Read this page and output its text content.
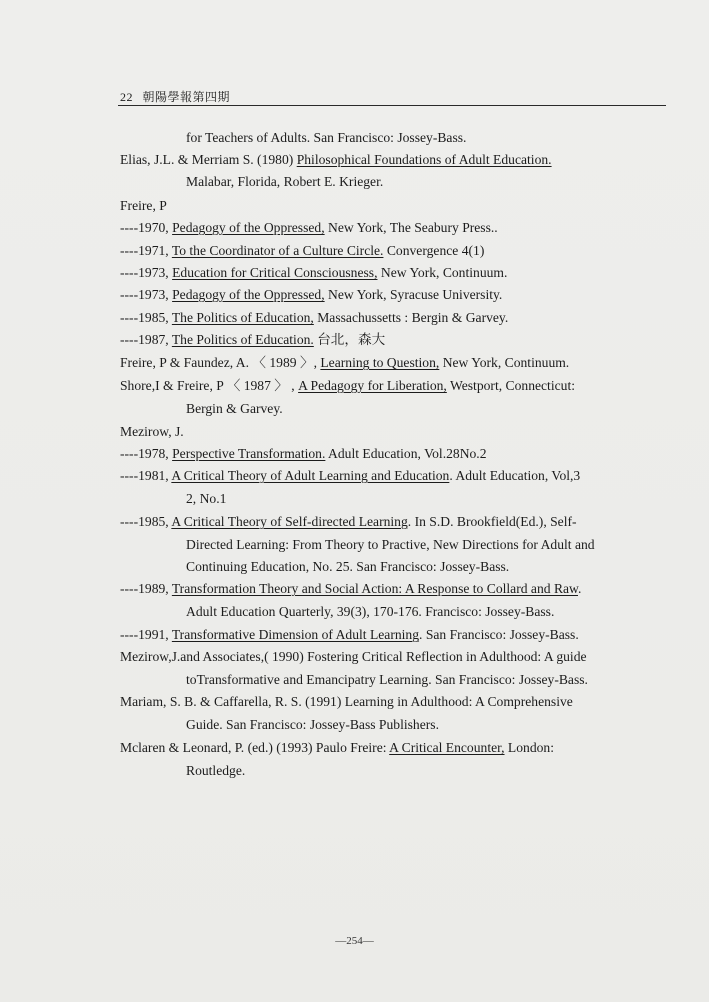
22 朝陽學報第四期
for Teachers of Adults. San Francisco: Jossey-Bass.
Elias, J.L. & Merriam S. (1980) Philosophical Foundations of Adult Education.
Malabar, Florida, Robert E. Krieger.
Freire, P
----1970, Pedagogy of the Oppressed, New York, The Seabury Press..
----1971, To the Coordinator of a Culture Circle. Convergence 4(1)
----1973, Education for Critical Consciousness, New York, Continuum.
----1973, Pedagogy of the Oppressed, New York, Syracuse University.
----1985, The Politics of Education, Massachussetts : Bergin & Garvey.
----1987, The Politics of Education. 台北，森大
Freire, P & Faundez, A. 〈 1989 〉, Learning to Question, New York, Continuum.
Shore,I & Freire, P 〈 1987 〉 , A Pedagogy for Liberation, Westport, Connecticut:
Bergin & Garvey.
Mezirow, J.
----1978, Perspective Transformation. Adult Education, Vol.28No.2
----1981, A Critical Theory of Adult Learning and Education. Adult Education, Vol,3
2, No.1
----1985, A Critical Theory of Self-directed Learning. In S.D. Brookfield(Ed.), Self-
Directed Learning: From Theory to Practive, New Directions for Adult and
Continuing Education, No. 25. San Francisco: Jossey-Bass.
----1989, Transformation Theory and Social Action: A Response to Collard and Raw.
Adult Education Quarterly, 39(3), 170-176. Francisco: Jossey-Bass.
----1991, Transformative Dimension of Adult Learning. San Francisco: Jossey-Bass.
Mezirow,J.and Associates,( 1990) Fostering Critical Reflection in Adulthood: A guide
toTransformative and Emancipatry Learning. San Francisco: Jossey-Bass.
Mariam, S. B. & Caffarella, R. S. (1991) Learning in Adulthood: A Comprehensive
Guide. San Francisco: Jossey-Bass Publishers.
Mclaren & Leonard, P. (ed.) (1993) Paulo Freire: A Critical Encounter, London:
Routledge.
—254—
